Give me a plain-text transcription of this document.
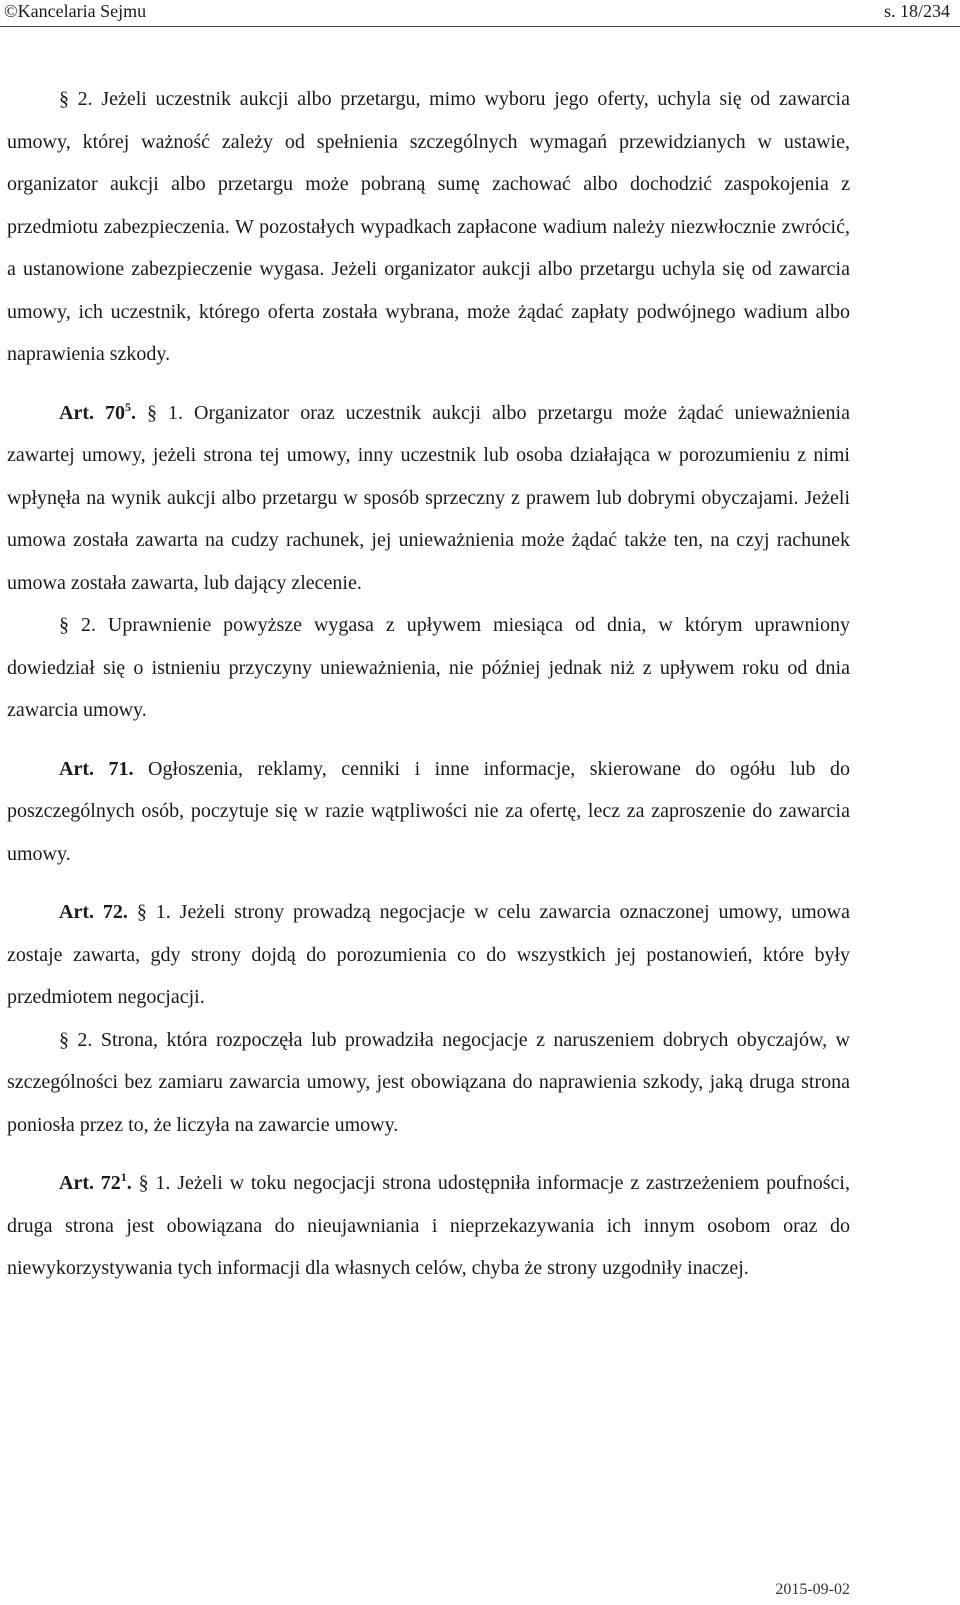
©Kancelaria Sejmu	s. 18/234

§ 2. Jeżeli uczestnik aukcji albo przetargu, mimo wyboru jego oferty, uchyla się od zawarcia umowy, której ważność zależy od spełnienia szczególnych wymagań przewidzianych w ustawie, organizator aukcji albo przetargu może pobraną sumę zachować albo dochodzić zaspokojenia z przedmiotu zabezpieczenia. W pozostałych wypadkach zapłacone wadium należy niezwłocznie zwrócić, a ustanowione zabezpieczenie wygasa. Jeżeli organizator aukcji albo przetargu uchyla się od zawarcia umowy, ich uczestnik, którego oferta została wybrana, może żądać zapłaty podwójnego wadium albo naprawienia szkody.

Art. $70^5$. § 1. Organizator oraz uczestnik aukcji albo przetargu może żądać unieważnienia zawartej umowy, jeżeli strona tej umowy, inny uczestnik lub osoba działająca w porozumieniu z nimi wpłynęła na wynik aukcji albo przetargu w sposób sprzeczny z prawem lub dobrymi obyczajami. Jeżeli umowa została zawarta na cudzy rachunek, jej unieważnienia może żądać także ten, na czyj rachunek umowa została zawarta, lub dający zlecenie.

§ 2. Uprawnienie powyższe wygasa z upływem miesiąca od dnia, w którym uprawniony dowiedział się o istnieniu przyczyny unieważnienia, nie później jednak niż z upływem roku od dnia zawarcia umowy.

Art. 71. Ogłoszenia, reklamy, cenniki i inne informacje, skierowane do ogółu lub do poszczególnych osób, poczytuje się w razie wątpliwości nie za ofertę, lecz za zaproszenie do zawarcia umowy.

Art. 72. § 1. Jeżeli strony prowadzą negocjacje w celu zawarcia oznaczonej umowy, umowa zostaje zawarta, gdy strony dojdą do porozumienia co do wszystkich jej postanowień, które były przedmiotem negocjacji.

§ 2. Strona, która rozpoczęła lub prowadziła negocjacje z naruszeniem dobrych obyczajów, w szczególności bez zamiaru zawarcia umowy, jest obowiązana do naprawienia szkody, jaką druga strona poniosła przez to, że liczyła na zawarcie umowy.

Art. $72^1$. § 1. Jeżeli w toku negocjacji strona udostępniła informacje z zastrzeżeniem poufności, druga strona jest obowiązana do nieujawniania i nieprzekazywania ich innym osobom oraz do niewykorzystywania tych informacji dla własnych celów, chyba że strony uzgodniły inaczej.

2015-09-02
